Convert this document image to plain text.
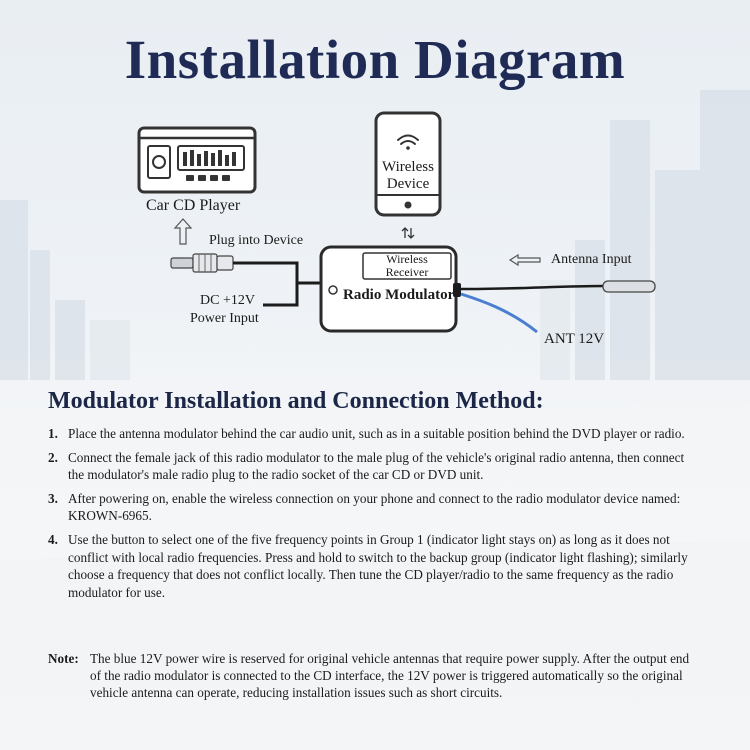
Installation Diagram
Car CD Player
Plug into Device
Wireless
Device
Wireless
Receiver
Radio Modulator
DC +12V
Power Input
Antenna Input
ANT 12V
Modulator Installation and Connection Method:
1. Place the antenna modulator behind the car audio unit, such as in a suitable position behind the DVD player or radio.
2. Connect the female jack of this radio modulator to the male plug of the vehicle's original radio antenna, then connect the modulator's male radio plug to the radio socket of the car CD or DVD unit.
3. After powering on, enable the wireless connection on your phone and connect to the radio modulator device named: KROWN-6965.
4. Use the button to select one of the five frequency points in Group 1 (indicator light stays on) as long as it does not conflict with local radio frequencies. Press and hold to switch to the backup group (indicator light flashing); similarly choose a frequency that does not conflict locally. Then tune the CD player/radio to the same frequency as the radio modulator for use.
Note: The blue 12V power wire is reserved for original vehicle antennas that require power supply. After the output end of the radio modulator is connected to the CD interface, the 12V power is triggered automatically so the original vehicle antenna can operate, reducing installation issues such as short circuits.
